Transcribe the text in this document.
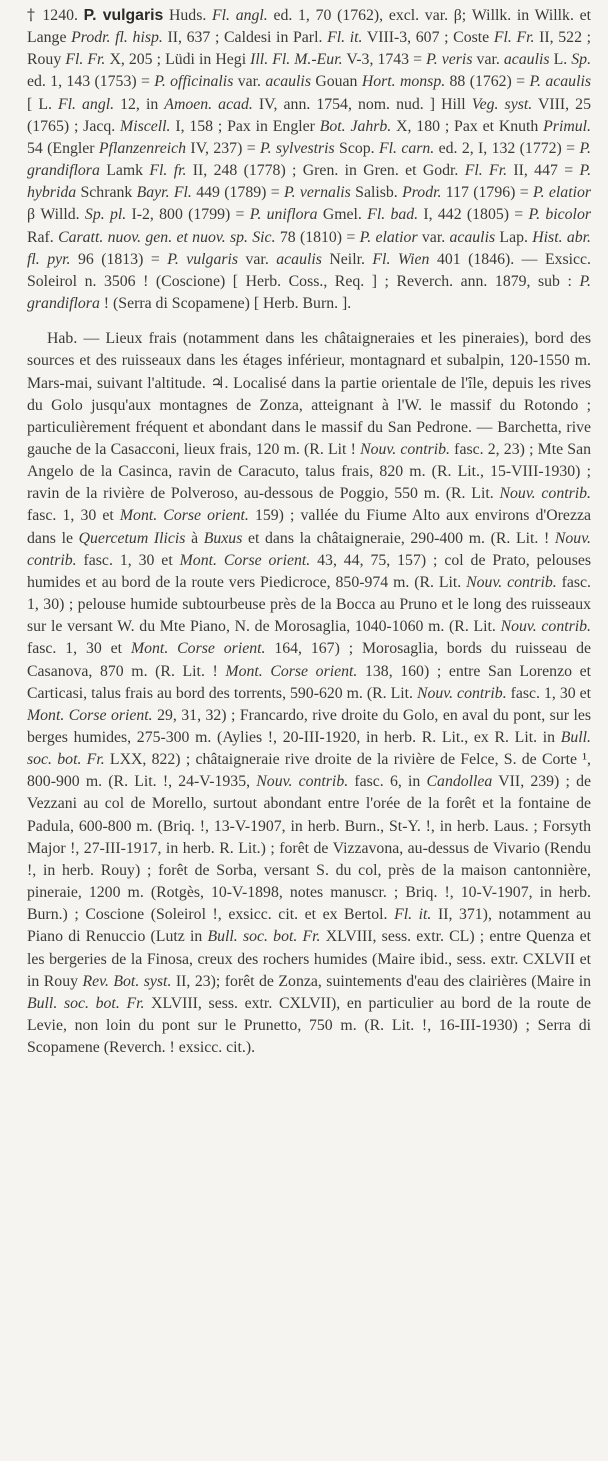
† 1240. P. vulgaris Huds. Fl. angl. ed. 1, 70 (1762), excl. var. β; Willk. in Willk. et Lange Prodr. fl. hisp. II, 637 ; Caldesi in Parl. Fl. it. VIII-3, 607 ; Coste Fl. Fr. II, 522 ; Rouy Fl. Fr. X, 205 ; Lüdi in Hegi Ill. Fl. M.-Eur. V-3, 1743 = P. veris var. acaulis L. Sp. ed. 1, 143 (1753) = P. officinalis var. acaulis Gouan Hort. monsp. 88 (1762) = P. acaulis [ L. Fl. angl. 12, in Amoen. acad. IV, ann. 1754, nom. nud. ] Hill Veg. syst. VIII, 25 (1765) ; Jacq. Miscell. I, 158 ; Pax in Engler Bot. Jahrb. X, 180 ; Pax et Knuth Primul. 54 (Engler Pflanzenreich IV, 237) = P. sylvestris Scop. Fl. carn. ed. 2, I, 132 (1772) = P. grandiflora Lamk Fl. fr. II, 248 (1778) ; Gren. in Gren. et Godr. Fl. Fr. II, 447 = P. hybrida Schrank Bayr. Fl. 449 (1789) = P. vernalis Salisb. Prodr. 117 (1796) = P. elatior β Willd. Sp. pl. I-2, 800 (1799) = P. uniflora Gmel. Fl. bad. I, 442 (1805) = P. bicolor Raf. Caratt. nuov. gen. et nuov. sp. Sic. 78 (1810) = P. elatior var. acaulis Lap. Hist. abr. fl. pyr. 96 (1813) = P. vulgaris var. acaulis Neilr. Fl. Wien 401 (1846). — Exsicc. Soleirol n. 3506 ! (Coscione) [ Herb. Coss., Req. ] ; Reverch. ann. 1879, sub : P. grandiflora ! (Serra di Scopamene) [ Herb. Burn. ].

Hab. — Lieux frais (notamment dans les châtaigneraies et les pineraies), bord des sources et des ruisseaux dans les étages inférieur, montagnard et subalpin, 120-1550 m. Mars-mai, suivant l'altitude. ♃. Localisé dans la partie orientale de l'île, depuis les rives du Golo jusqu'aux montagnes de Zonza, atteignant à l'W. le massif du Rotondo ; particulièrement fréquent et abondant dans le massif du San Pedrone. — Barchetta, rive gauche de la Casacconi, lieux frais, 120 m. (R. Lit ! Nouv. contrib. fasc. 2, 23) ; Mte San Angelo de la Casinca, ravin de Caracuto, talus frais, 820 m. (R. Lit., 15-VIII-1930) ; ravin de la rivière de Polveroso, au-dessous de Poggio, 550 m. (R. Lit. Nouv. contrib. fasc. 1, 30 et Mont. Corse orient. 159) ; vallée du Fiume Alto aux environs d'Orezza dans le Quercetum Ilicis à Buxus et dans la châtaigneraie, 290-400 m. (R. Lit. ! Nouv. contrib. fasc. 1, 30 et Mont. Corse orient. 43, 44, 75, 157) ; col de Prato, pelouses humides et au bord de la route vers Piedicroce, 850-974 m. (R. Lit. Nouv. contrib. fasc. 1, 30) ; pelouse humide subtourbeuse près de la Bocca au Pruno et le long des ruisseaux sur le versant W. du Mte Piano, N. de Morosaglia, 1040-1060 m. (R. Lit. Nouv. contrib. fasc. 1, 30 et Mont. Corse orient. 164, 167) ; Morosaglia, bords du ruisseau de Casanova, 870 m. (R. Lit. ! Mont. Corse orient. 138, 160) ; entre San Lorenzo et Carticasi, talus frais au bord des torrents, 590-620 m. (R. Lit. Nouv. contrib. fasc. 1, 30 et Mont. Corse orient. 29, 31, 32) ; Francardo, rive droite du Golo, en aval du pont, sur les berges humides, 275-300 m. (Aylies !, 20-III-1920, in herb. R. Lit., ex R. Lit. in Bull. soc. bot. Fr. LXX, 822) ; châtaigneraie rive droite de la rivière de Felce, S. de Corte ¹, 800-900 m. (R. Lit. !, 24-V-1935, Nouv. contrib. fasc. 6, in Candollea VII, 239) ; de Vezzani au col de Morello, surtout abondant entre l'orée de la forêt et la fontaine de Padula, 600-800 m. (Briq. !, 13-V-1907, in herb. Burn., St-Y. !, in herb. Laus. ; Forsyth Major !, 27-III-1917, in herb. R. Lit.) ; forêt de Vizzavona, au-dessus de Vivario (Rendu !, in herb. Rouy) ; forêt de Sorba, versant S. du col, près de la maison cantonnière, pineraie, 1200 m. (Rotgès, 10-V-1898, notes manuscr. ; Briq. !, 10-V-1907, in herb. Burn.) ; Coscione (Soleirol !, exsicc. cit. et ex Bertol. Fl. it. II, 371), notamment au Piano di Renuccio (Lutz in Bull. soc. bot. Fr. XLVIII, sess. extr. CL) ; entre Quenza et les bergeries de la Finosa, creux des rochers humides (Maire ibid., sess. extr. CXLVII et in Rouy Rev. Bot. syst. II, 23); forêt de Zonza, suintements d'eau des clairières (Maire in Bull. soc. bot. Fr. XLVIII, sess. extr. CXLVII), en particulier au bord de la route de Levie, non loin du pont sur le Prunetto, 750 m. (R. Lit. !, 16-III-1930) ; Serra di Scopamene (Reverch. ! exsicc. cit.).
